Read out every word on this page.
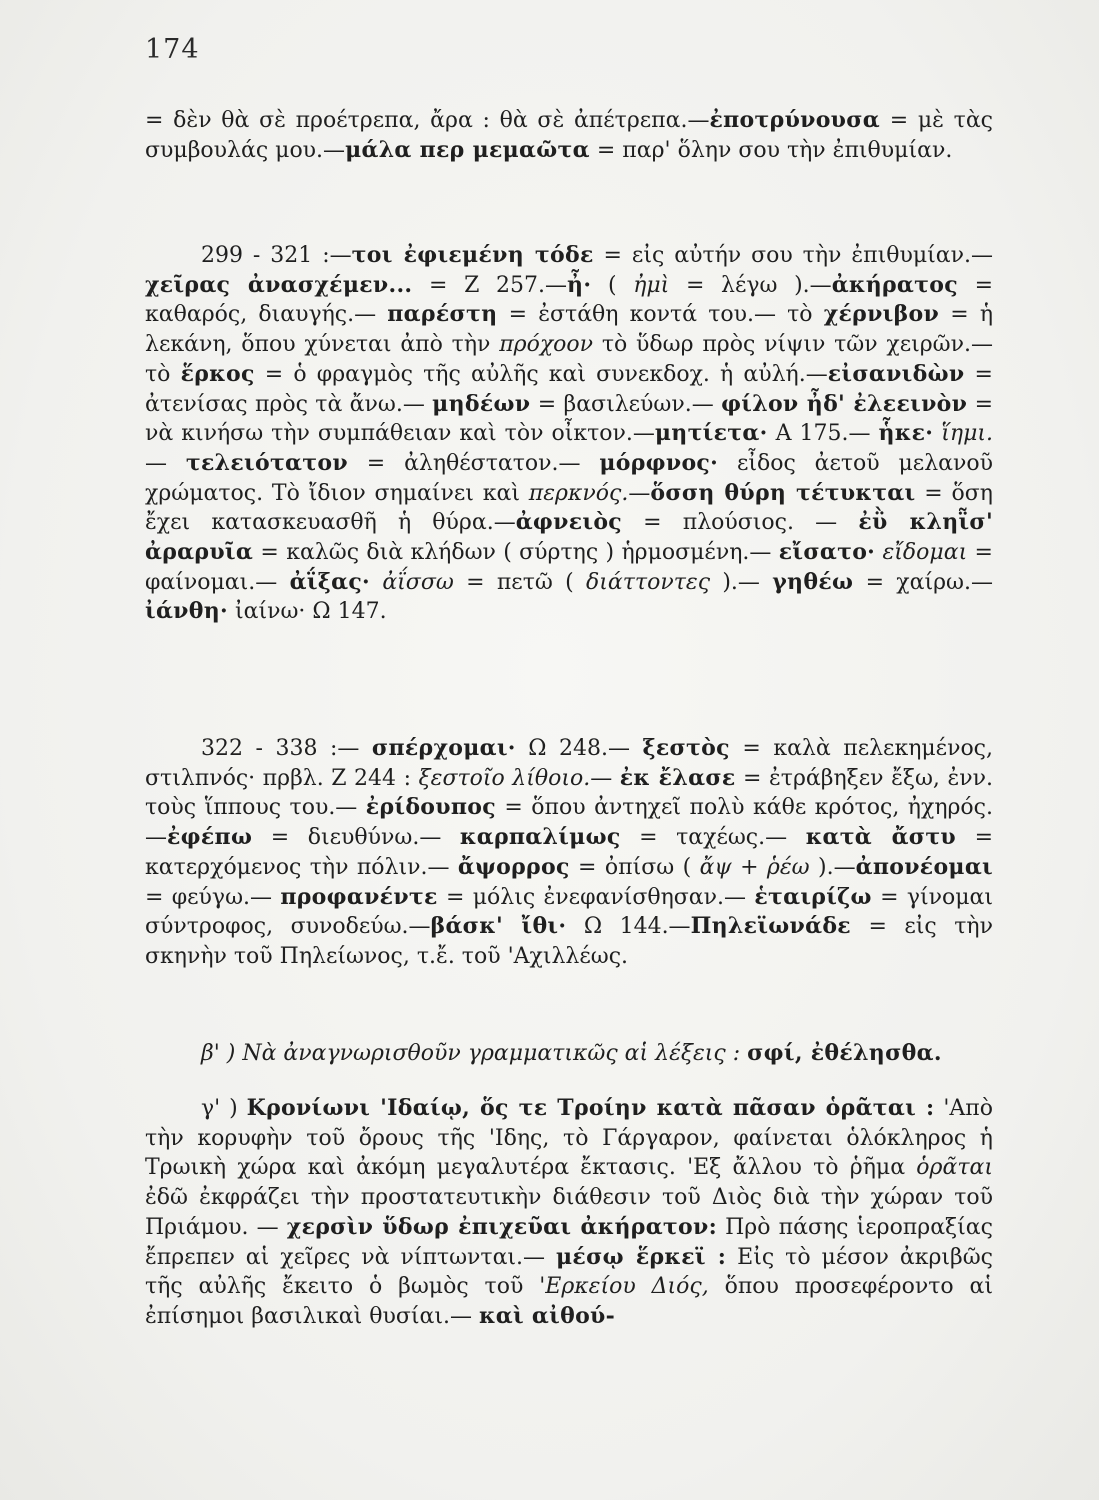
174

= δὲν θὰ σὲ προέτρεπα, ἄρα : θὰ σὲ ἀπέτρεπα.—ἐποτρύνουσα = μὲ τὰς συμβουλάς μου.—μάλα περ μεμαῶτα = παρ' ὅλην σου τὴν ἐπιθυμίαν.

299 - 321 :—τοι ἐφιεμένη τόδε = εἰς αὐτήν σου τὴν ἐπιθυμίαν.— χεῖρας ἀνασχέμεν... = Ζ 257.—ἦ· ( ἠμὶ = λέγω ).—ἀκήρατος = καθαρός, διαυγής.— παρέστη = ἐστάθη κοντά του.— τὸ χέρνιβον = ἡ λεκάνη, ὅπου χύνεται ἀπὸ τὴν πρόχοον τὸ ὕδωρ πρὸς νίψιν τῶν χειρῶν.—τὸ ἕρκος = ὁ φραγμὸς τῆς αὐλῆς καὶ συνεκδοχ. ἡ αὐλή.—εἰσανιδὼν = ἀτενίσας πρὸς τὰ ἄνω.— μηδέων = βασιλεύων.— φίλον ἦδ' ἐλεεινὸν = νὰ κινήσω τὴν συμπάθειαν καὶ τὸν οἶκτον.—μητίετα· Α 175.— ἧκε· ἵημι. — τελειότατον = ἀληθέστατον.— μόρφνος· εἶδος ἀετοῦ μελανοῦ χρώματος. Τὸ ἴδιον σημαίνει καὶ περκνός.—ὅσση θύρη τέτυκται = ὅση ἔχει κατασκευασθῆ ἡ θύρα.—ἀφνειὸς = πλούσιος. — ἐῢ κληῗσ' ἀραρυῖα = καλῶς διὰ κλήδων ( σύρτης ) ἡρμοσμένη.— εἴσατο· εἴδομαι = φαίνομαι.— ἀΐξας· ἀΐσσω = πετῶ ( διάττοντες ).— γηθέω = χαίρω.— ἰάνθη· ἰαίνω· Ω 147.

322 - 338 :— σπέρχομαι· Ω 248.— ξεστὸς = καλὰ πελεκημένος, στιλπνός· πρβλ. Ζ 244 : ξεστοῖο λίθοιο.— ἐκ ἔλασε = ἐτράβηξεν ἔξω, ἐνν. τοὺς ἵππους του.— ἐρίδουπος = ὅπου ἀντηχεῖ πολὺ κάθε κρότος, ἠχηρός.—ἐφέπω = διευθύνω.— καρπαλίμως = ταχέως.— κατὰ ἄστυ = κατερχόμενος τὴν πόλιν.— ἄψορρος = ὀπίσω ( ἄψ + ῥέω ).—ἀπονέομαι = φεύγω.— προφανέντε = μόλις ἐνεφανίσθησαν.— ἑταιρίζω = γίνομαι σύντροφος, συνοδεύω.—βάσκ' ἴθι· Ω 144.—Πηλεϊωνάδε = εἰς τὴν σκηνὴν τοῦ Πηλείωνος, τ.ἔ. τοῦ 'Αχιλλέως.

β' ) Νὰ ἀναγνωρισθοῦν γραμματικῶς αἱ λέξεις : σφί, ἐθέλησθα.

γ' ) Κρονίωνι 'Ιδαίῳ, ὅς τε Τροίην κατὰ πᾶσαν ὁρᾶται : 'Απὸ τὴν κορυφὴν τοῦ ὄρους τῆς 'Ιδης, τὸ Γάργαρον, φαίνεται ὁλόκληρος ἡ Τρωικὴ χώρα καὶ ἀκόμη μεγαλυτέρα ἔκτασις. 'Εξ ἄλλου τὸ ῥῆμα ὁρᾶται ἐδῶ ἐκφράζει τὴν προστατευτικὴν διάθεσιν τοῦ Διὸς διὰ τὴν χώραν τοῦ Πριάμου. — χερσὶν ὕδωρ ἐπιχεῦαι ἀκήρατον: Πρὸ πάσης ἱεροπραξίας ἔπρεπεν αἱ χεῖρες νὰ νίπτωνται.— μέσῳ ἕρκεϊ : Εἰς τὸ μέσον ἀκριβῶς τῆς αὐλῆς ἔκειτο ὁ βωμὸς τοῦ 'Ερκείου Διός, ὅπου προσεφέροντο αἱ ἐπίσημοι βασιλικαὶ θυσίαι.— καὶ αἰθού-
